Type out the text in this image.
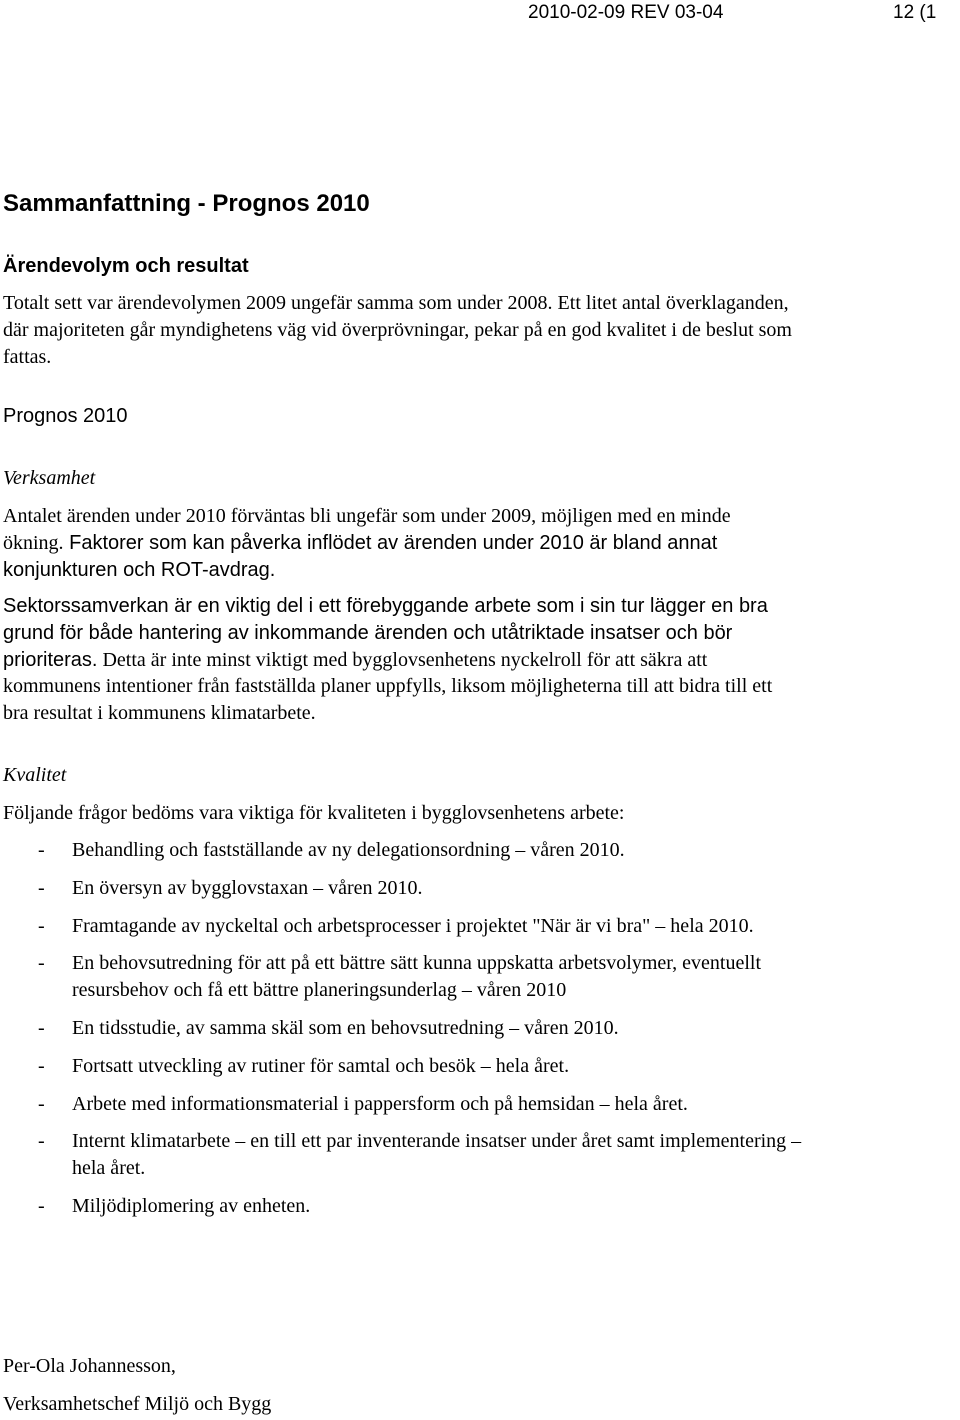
2010-02-09 REV 03-04	12 (1
Sammanfattning - Prognos 2010
Ärendevolym och resultat

Totalt sett var ärendevolymen 2009 ungefär samma som under 2008. Ett litet antal överklaganden, där majoriteten går myndighetens väg vid överprövningar, pekar på en god kvalitet i de beslut som fattas.

Prognos 2010
Verksamhet

Antalet ärenden under 2010 förväntas bli ungefär som under 2009, möjligen med en minde ökning. Faktorer som kan påverka inflödet av ärenden under 2010 är bland annat konjunkturen och ROT-avdrag.

Sektorssamverkan är en viktig del i ett förebyggande arbete som i sin tur lägger en bra grund för både hantering av inkommande ärenden och utåtriktade insatser och bör prioriteras. Detta är inte minst viktigt med bygglovsenhetens nyckelroll för att säkra att kommunens intentioner från fastställda planer uppfylls, liksom möjligheterna till att bidra till ett bra resultat i kommunens klimatarbete.

Kvalitet
Följande frågor bedöms vara viktiga för kvaliteten i bygglovsenhetens arbete:
- Behandling och fastställande av ny delegationsordning – våren 2010.
- En översyn av bygglovstaxan – våren 2010.
- Framtagande av nyckeltal och arbetsprocesser i projektet "När är vi bra" – hela 2010.
- En behovsutredning för att på ett bättre sätt kunna uppskatta arbetsvolymer, eventuellt resursbehov och få ett bättre planeringsunderlag – våren 2010
- En tidsstudie, av samma skäl som en behovsutredning – våren 2010.
- Fortsatt utveckling av rutiner för samtal och besök – hela året.
- Arbete med informationsmaterial i pappersform och på hemsidan – hela året.
- Internt klimatarbete – en till ett par inventerande insatser under året samt implementering – hela året.
- Miljödiplomering av enheten.
Per-Ola Johannesson,
Verksamhetschef Miljö och Bygg
